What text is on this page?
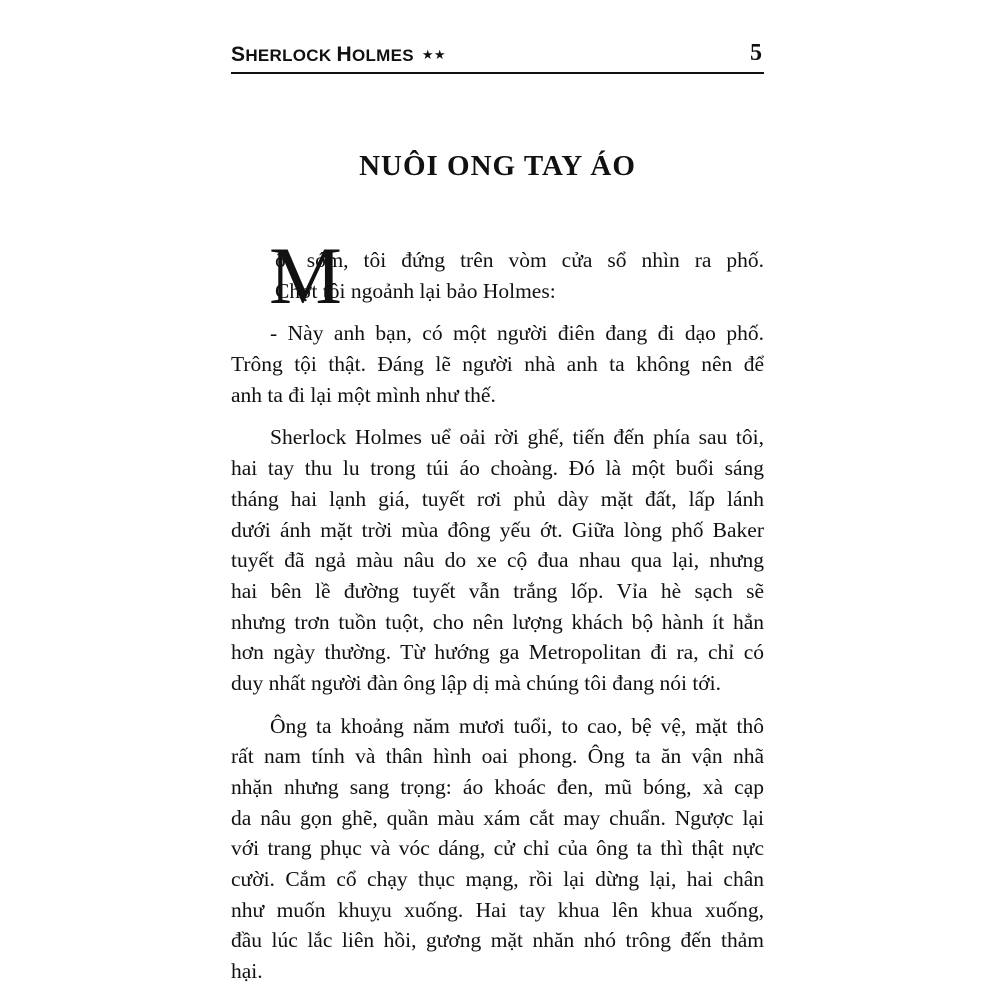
SHERLOCK HOLMES ★★	5
NUÔI ONG TAY ÁO
M
ột sớm, tôi đứng trên vòm cửa sổ nhìn ra phố.
Chợt tôi ngoảnh lại bảo Holmes:
- Này anh bạn, có một người điên đang đi dạo phố.
Trông tội thật. Đáng lẽ người nhà anh ta không nên để
anh ta đi lại một mình như thế.
Sherlock Holmes uể oải rời ghế, tiến đến phía sau tôi,
hai tay thu lu trong túi áo choàng. Đó là một buổi sáng
tháng hai lạnh giá, tuyết rơi phủ dày mặt đất, lấp lánh
dưới ánh mặt trời mùa đông yếu ớt. Giữa lòng phố Baker
tuyết đã ngả màu nâu do xe cộ đua nhau qua lại, nhưng
hai bên lề đường tuyết vẫn trắng lốp. Vỉa hè sạch sẽ
nhưng trơn tuồn tuột, cho nên lượng khách bộ hành ít hẳn
hơn ngày thường. Từ hướng ga Metropolitan đi ra, chỉ có
duy nhất người đàn ông lập dị mà chúng tôi đang nói tới.
Ông ta khoảng năm mươi tuổi, to cao, bệ vệ, mặt thô
rất nam tính và thân hình oai phong. Ông ta ăn vận nhã
nhặn nhưng sang trọng: áo khoác đen, mũ bóng, xà cạp
da nâu gọn ghẽ, quần màu xám cắt may chuẩn. Ngược lại
với trang phục và vóc dáng, cử chỉ của ông ta thì thật nực
cười. Cắm cổ chạy thục mạng, rồi lại dừng lại, hai chân
như muốn khuỵu xuống. Hai tay khua lên khua xuống,
đầu lúc lắc liên hồi, gương mặt nhăn nhó trông đến thảm
hại.
